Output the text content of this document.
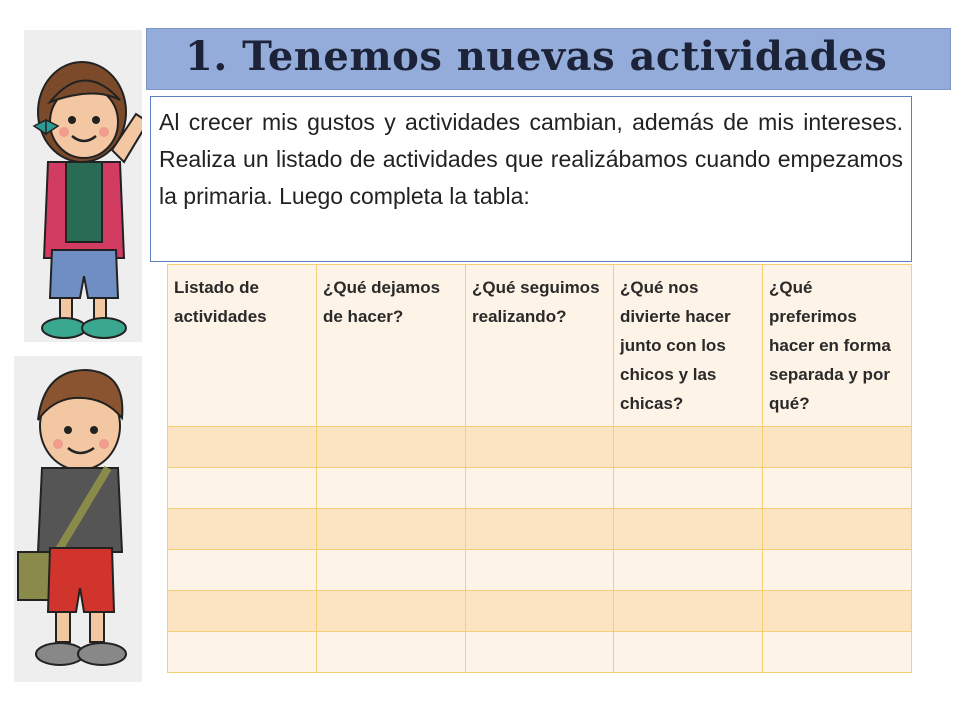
1. Tenemos nuevas actividades

Al crecer mis gustos y actividades cambian, además de mis intereses. Realiza un listado de actividades que realizábamos cuando empezamos la primaria. Luego completa la tabla:

Listado de actividades	¿Qué dejamos de hacer?	¿Qué seguimos realizando?	¿Qué nos divierte hacer junto con los chicos y las chicas?	¿Qué preferimos hacer en forma separada y por qué?
